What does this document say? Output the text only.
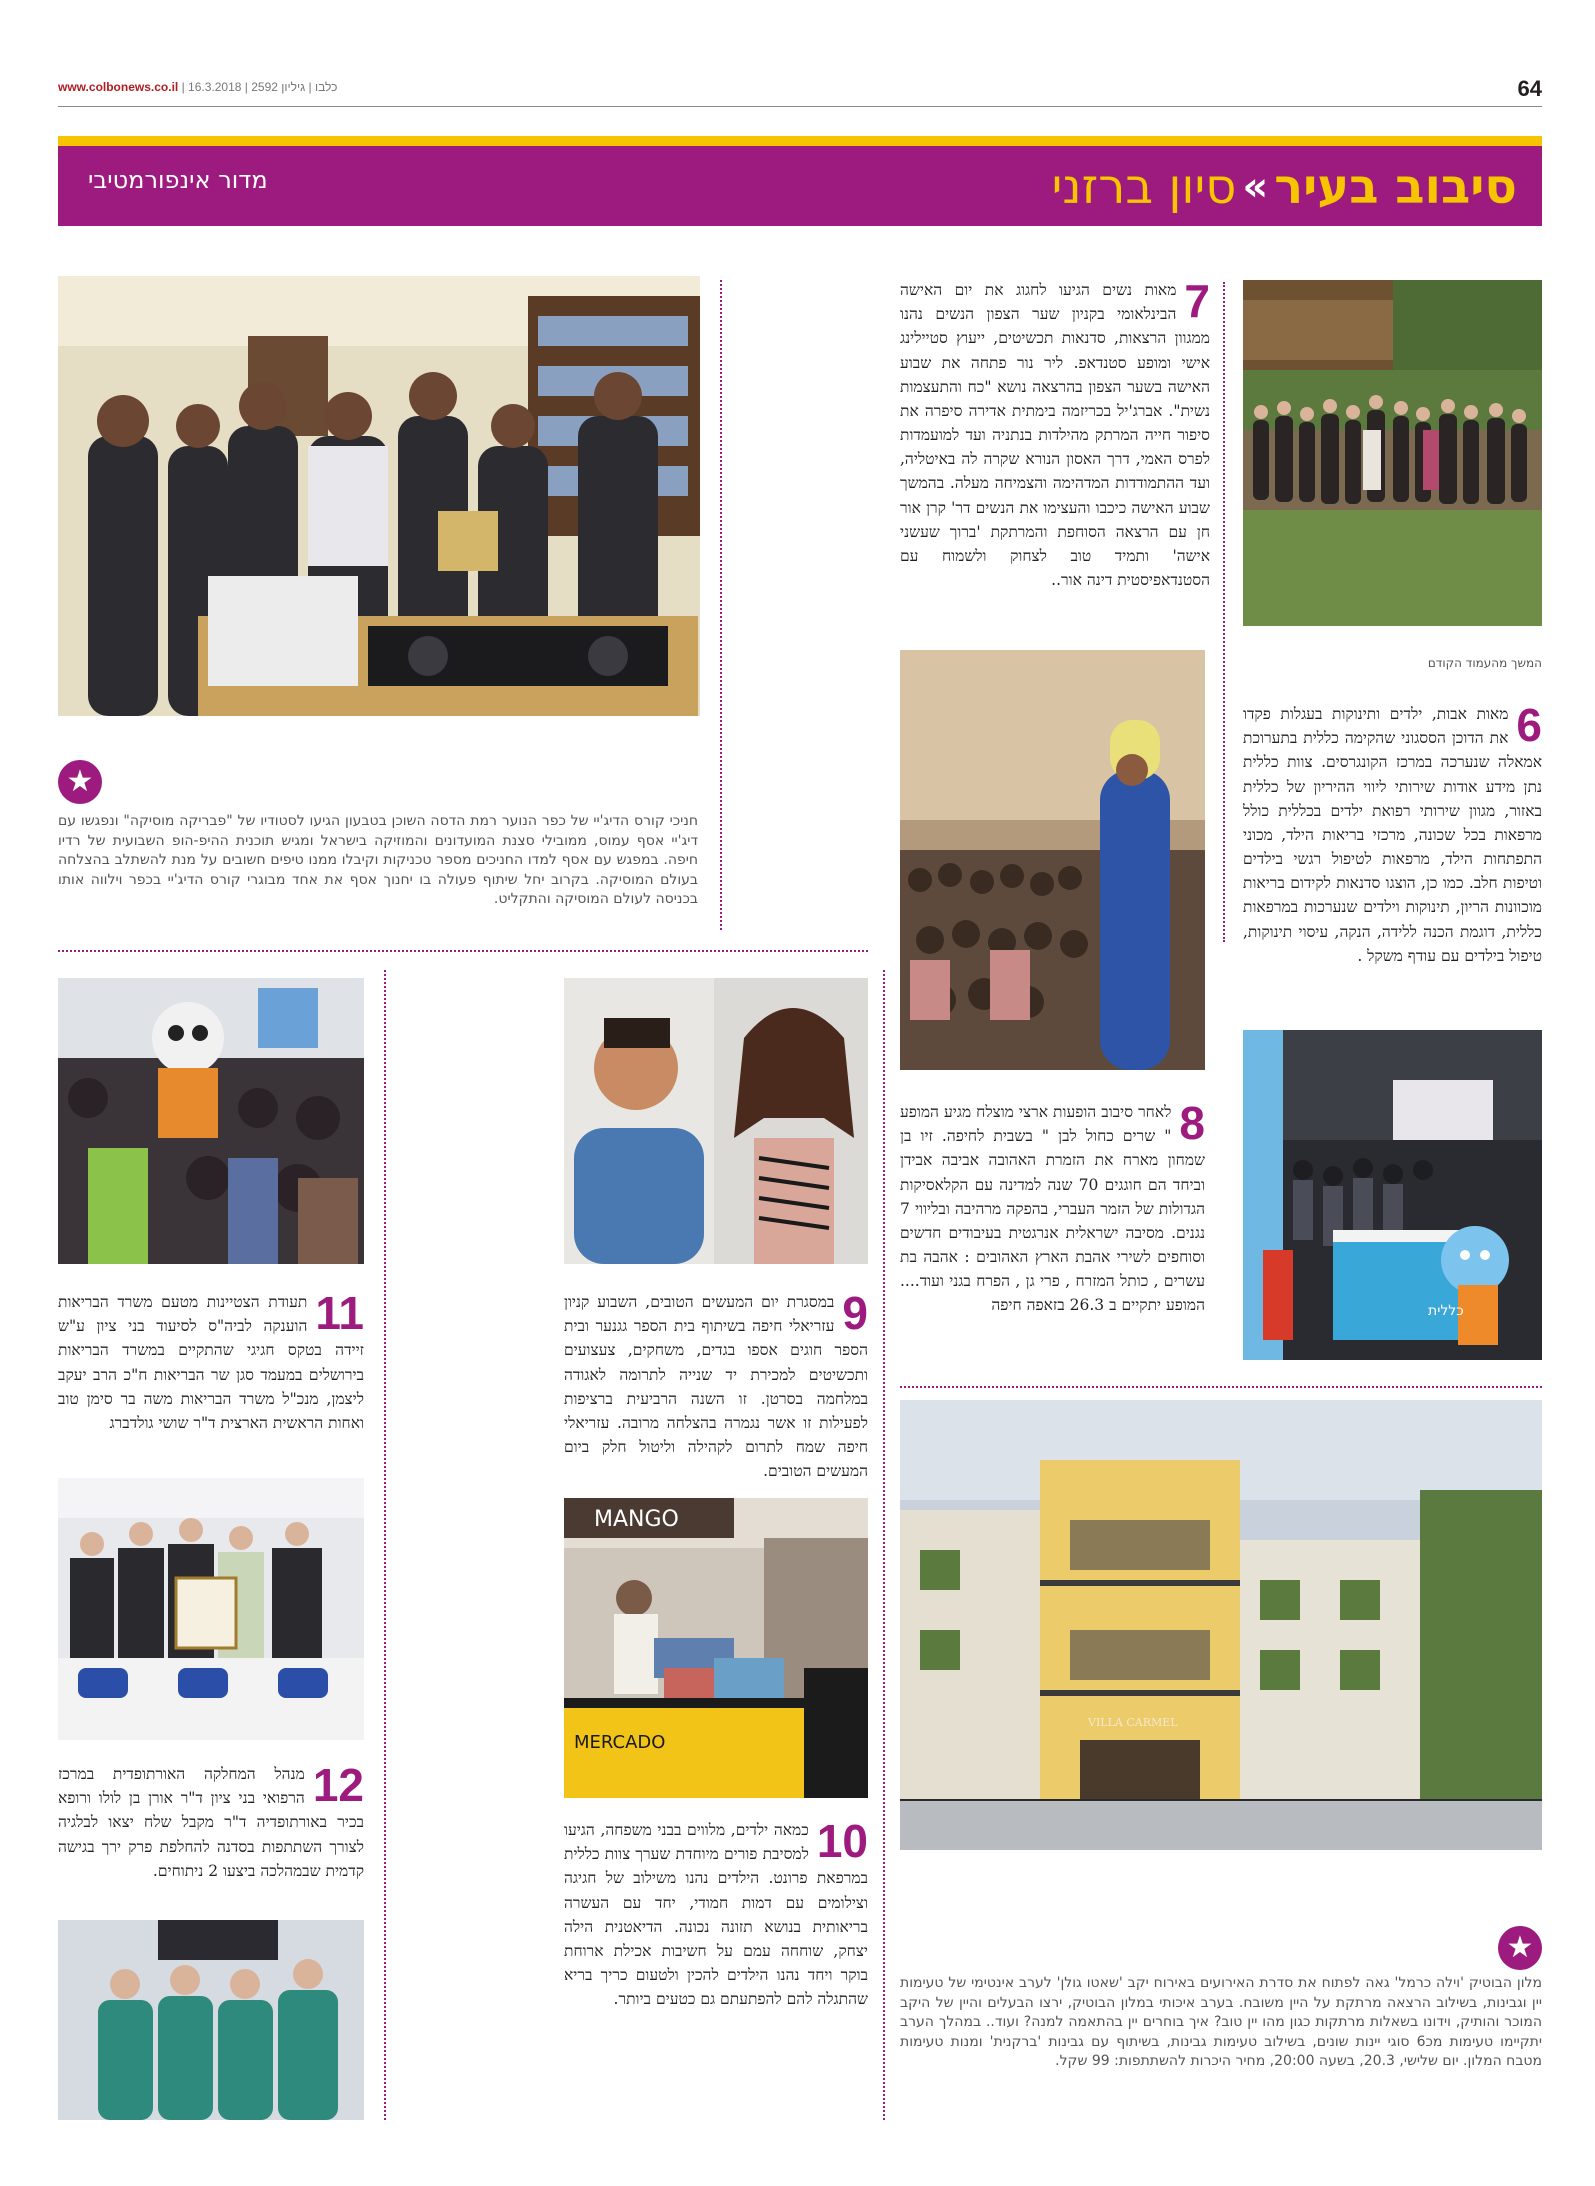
www.colbonews.co.il | כלבו | גיליון 2592 | 16.3.2018	64
סיבוב בעיר
»
סיון ברזני
מדור אינפורמטיבי
המשך מהעמוד הקודם
7
מאות נשים הגיעו לחגוג את יום האישה הבינלאומי בקניון שער הצפון הנשים נהנו ממגוון הרצאות, סדנאות תכשיטים, ייעוץ סטיילינג אישי ומופע סטנדאפ. ליר נור פתחה את שבוע האישה בשער הצפון בהרצאה נושא "כח והתעצמות נשית". אברג'יל בכריזמה בימתית אדירה סיפרה את סיפור חייה המרתק מהילדות בנתניה ועד למועמדות לפרס האמי, דרך האסון הנורא שקרה לה באיטליה, ועד ההתמודדות המדהימה והצמיחה מעלה. בהמשך שבוע האישה כיכבו והעצימו את הנשים דר' קרן אור חן עם הרצאה הסוחפת והמרתקת 'ברוך שעשני אישה' ותמיד טוב לצחוק ולשמוח עם הסטנדאפיסטית דינה אור..
6
מאות אבות, ילדים ותינוקות בעגלות פקדו את הדוכן הססגוני שהקימה כללית בתערוכת אמאלה שנערכה במרכז הקונגרסים. צוות כללית נתן מידע אודות שירותי ליווי ההיריון של כללית באזור, מגוון שירותי רפואת ילדים בכללית כולל מרפאות בכל שכונה, מרכזי בריאות הילד, מכוני התפתחות הילד, מרפאות לטיפול רגשי בילדים וטיפות חלב. כמו כן, הוצגו סדנאות לקידום בריאות מוכוונות הריון, תינוקות וילדים שנערכות במרפאות כללית, דוגמת הכנה ללידה, הנקה, עיסוי תינוקות, טיפול בילדים עם עודף משקל .
כללית
8
לאחר סיבוב הופעות ארצי מוצלח מגיע המופע " שרים כחול לבן " בשבית לחיפה. זיו בן שמחון מארח את הזמרת האהובה אביבה אבידן וביחד הם חוגגים 70 שנה למדינה עם הקלאסיקות הגדולות של הזמר העברי, בהפקה מרהיבה ובליווי 7 נגנים. מסיבה ישראלית אנרגטית בעיבודים חדשים וסוחפים לשירי אהבת הארץ האהובים : אהבה בת עשרים , כותל המזרח , פרי גן , הפרח בגני ועוד.... המופע יתקיים ב 26.3 בזאפה חיפה
★
חניכי קורס הדיג'יי של כפר הנוער רמת הדסה השוכן בטבעון הגיעו לסטודיו של "פבריקה מוסיקה" ונפגשו עם דיג'יי אסף עמוס, ממובילי סצנת המועדונים והמוזיקה בישראל ומגיש תוכנית ההיפ-הופ השבועית של רדיו חיפה. במפגש עם אסף למדו החניכים מספר טכניקות וקיבלו ממנו טיפים חשובים על מנת להשתלב בהצלחה בעולם המוסיקה. בקרוב יחל שיתוף פעולה בו יחנוך אסף את אחד מבוגרי קורס הדיג'יי בכפר וילווה אותו בכניסה לעולם המוסיקה והתקליט.
11
תעודת הצטיינות מטעם משרד הבריאות הוענקה לביה"ס לסיעוד בני ציון ע"ש זיידה בטקס חגיגי שהתקיים במשרד הבריאות בירושלים במעמד סגן שר הבריאות ח"כ הרב יעקב ליצמן, מנכ"ל משרד הבריאות משה בר סימן טוב ואחות הראשית הארצית ד"ר שושי גולדברג
12
מנהל המחלקה האורתופדית במרכז הרפואי בני ציון ד"ר אורן בן לולו ורופא בכיר באורתופדיה ד"ר מקבל שלח יצאו לבלגיה לצורך השתתפות בסדנה להחלפת פרק ירך בגישה קדמית שבמהלכה ביצעו 2 ניתוחים.
9
במסגרת יום המעשים הטובים, השבוע קניון עזריאלי חיפה בשיתוף בית הספר גגנער ובית הספר חוגים אספו בגדים, משחקים, צעצועים ותכשיטים למכירת יד שנייה לתרומה לאגודה במלחמה בסרטן. זו השנה הרביעית ברציפות לפעילות זו אשר נגמרה בהצלחה מרובה. עזריאלי חיפה שמח לתרום לקהילה וליטול חלק ביום המעשים הטובים.
MANGO
MERCADO
10
כמאה ילדים, מלווים בבני משפחה, הגיעו למסיבת פורים מיוחדת שערך צוות כללית במרפאת פרונט. הילדים נהנו משילוב של חגיגה וצילומים עם דמות חמודי, יחד עם העשרה בריאותית בנושא תזונה נכונה. הדיאטנית הילה יצחק, שוחחה עמם על חשיבות אכילת ארוחת בוקר ויחד נהנו הילדים להכין ולטעום כריך בריא שהתגלה להם להפתעתם גם כטעים ביותר.
VILLA CARMEL
★
מלון הבוטיק 'וילה כרמל' גאה לפתוח את סדרת האירועים באירוח יקב 'שאטו גולן' לערב אינטימי של טעימות יין וגבינות, בשילוב הרצאה מרתקת על היין משובח. בערב איכותי במלון הבוטיק, ירצו הבעלים והיין של היקב המוכר והותיק, וידונו בשאלות מרתקות כגון מהו יין טוב? איך בוחרים יין בהתאמה למנה? ועוד.. במהלך הערב יתקיימו טעימות מכ6 סוגי יינות שונים, בשילוב טעימות גבינות, בשיתוף עם גבינות 'ברקנית' ומנות טעימות מטבח המלון. יום שלישי, 20.3, בשעה 20:00, מחיר היכרות להשתתפות: 99 שקל.
